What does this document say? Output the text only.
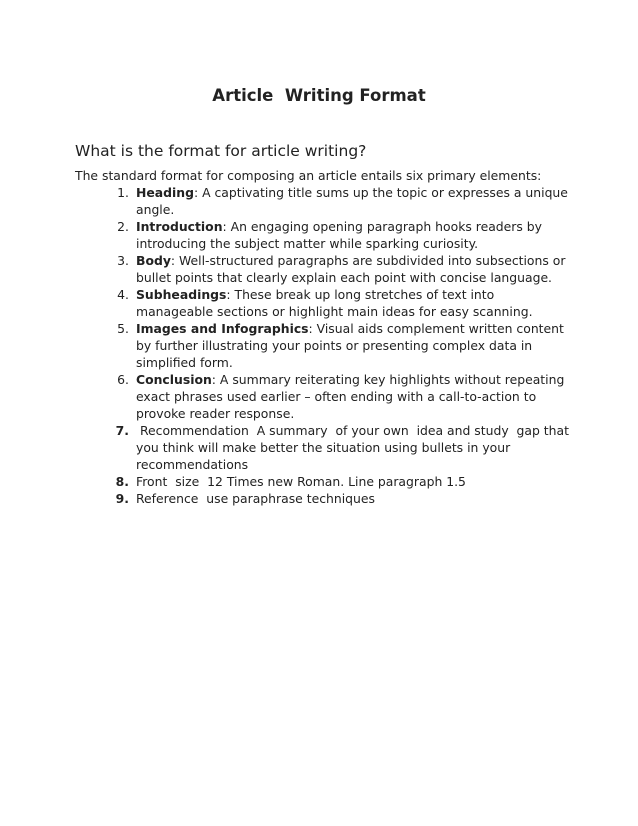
Article  Writing Format
What is the format for article writing?
The standard format for composing an article entails six primary elements:
1. Heading: A captivating title sums up the topic or expresses a unique angle.
2. Introduction: An engaging opening paragraph hooks readers by introducing the subject matter while sparking curiosity.
3. Body: Well-structured paragraphs are subdivided into subsections or bullet points that clearly explain each point with concise language.
4. Subheadings: These break up long stretches of text into manageable sections or highlight main ideas for easy scanning.
5. Images and Infographics: Visual aids complement written content by further illustrating your points or presenting complex data in simplified form.
6. Conclusion: A summary reiterating key highlights without repeating exact phrases used earlier – often ending with a call-to-action to provoke reader response.
7. Recommendation  A summary  of your own  idea and study  gap that you think will make better the situation using bullets in your recommendations
8. Front  size  12 Times new Roman. Line paragraph 1.5
9. Reference  use paraphrase techniques
